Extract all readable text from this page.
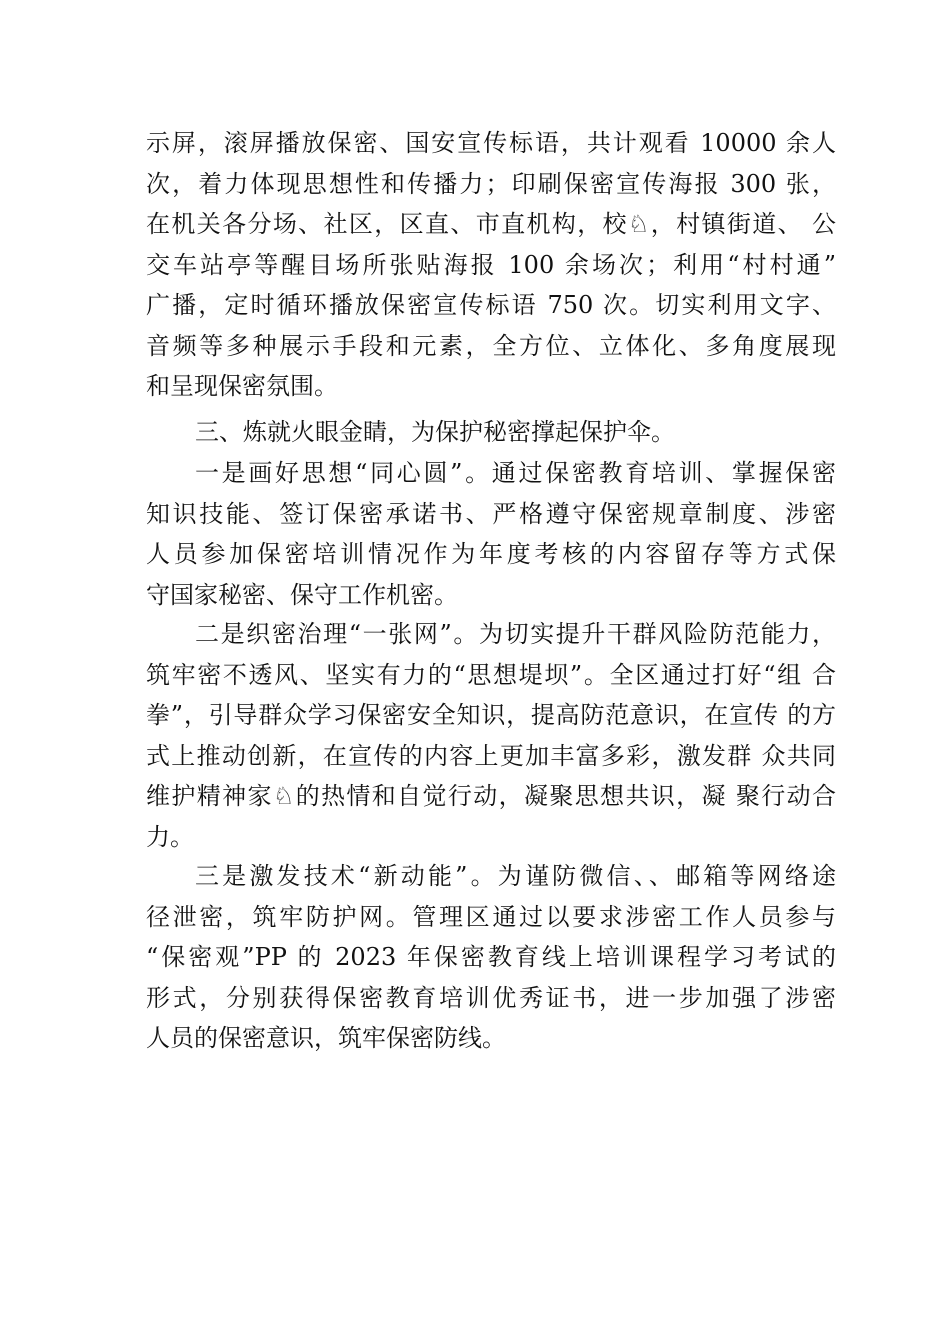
示屏，滚屏播放保密、国安宣传标语，共计观看 10000 余人
次，着力体现思想性和传播力；印刷保密宣传海报 300 张，
在机关各分场、社区，区直、市直机构，校♘，村镇街道、 公
交车站亭等醒目场所张贴海报 100 余场次；利用“村村通”
广播，定时循环播放保密宣传标语 750 次。切实利用文字、
音频等多种展示手段和元素，全方位、立体化、多角度展现
和呈现保密氛围。
三、炼就火眼金睛，为保护秘密撑起保护伞。
一是画好思想“同心圆”。通过保密教育培训、掌握保密
知识技能、签订保密承诺书、严格遵守保密规章制度、涉密
人员参加保密培训情况作为年度考核的内容留存等方式保
守国家秘密、保守工作机密。
二是织密治理“一张网”。为切实提升干群风险防范能力，
筑牢密不透风、坚实有力的“思想堤坝”。全区通过打好“组 合
拳”，引导群众学习保密安全知识，提高防范意识，在宣传 的方
式上推动创新，在宣传的内容上更加丰富多彩，激发群 众共同
维护精神家♘的热情和自觉行动，凝聚思想共识，凝 聚行动合
力。
三是激发技术“新动能”。为谨防微信、、邮箱等网络途
径泄密，筑牢防护网。管理区通过以要求涉密工作人员参与
“保密观”PP 的 2023 年保密教育线上培训课程学习考试的
形式，分别获得保密教育培训优秀证书，进一步加强了涉密
人员的保密意识，筑牢保密防线。
